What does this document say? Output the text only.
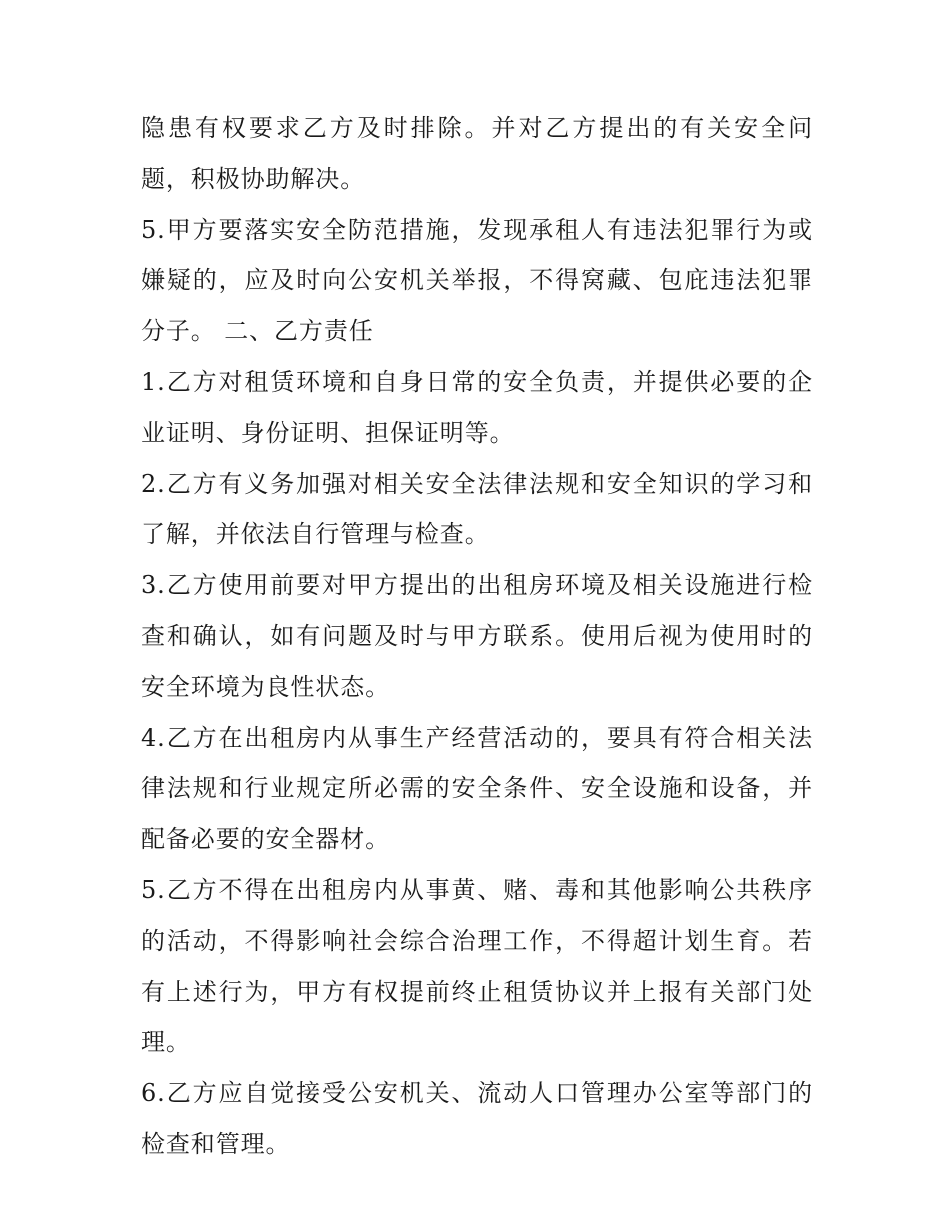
隐患有权要求乙方及时排除。并对乙方提出的有关安全问题，积极协助解决。

5.甲方要落实安全防范措施，发现承租人有违法犯罪行为或嫌疑的，应及时向公安机关举报，不得窝藏、包庇违法犯罪分子。 二、乙方责任

1.乙方对租赁环境和自身日常的安全负责，并提供必要的企业证明、身份证明、担保证明等。

2.乙方有义务加强对相关安全法律法规和安全知识的学习和了解，并依法自行管理与检查。

3.乙方使用前要对甲方提出的出租房环境及相关设施进行检查和确认，如有问题及时与甲方联系。使用后视为使用时的安全环境为良性状态。

4.乙方在出租房内从事生产经营活动的，要具有符合相关法律法规和行业规定所必需的安全条件、安全设施和设备，并配备必要的安全器材。

5.乙方不得在出租房内从事黄、赌、毒和其他影响公共秩序的活动，不得影响社会综合治理工作，不得超计划生育。若有上述行为，甲方有权提前终止租赁协议并上报有关部门处理。

6.乙方应自觉接受公安机关、流动人口管理办公室等部门的检查和管理。
